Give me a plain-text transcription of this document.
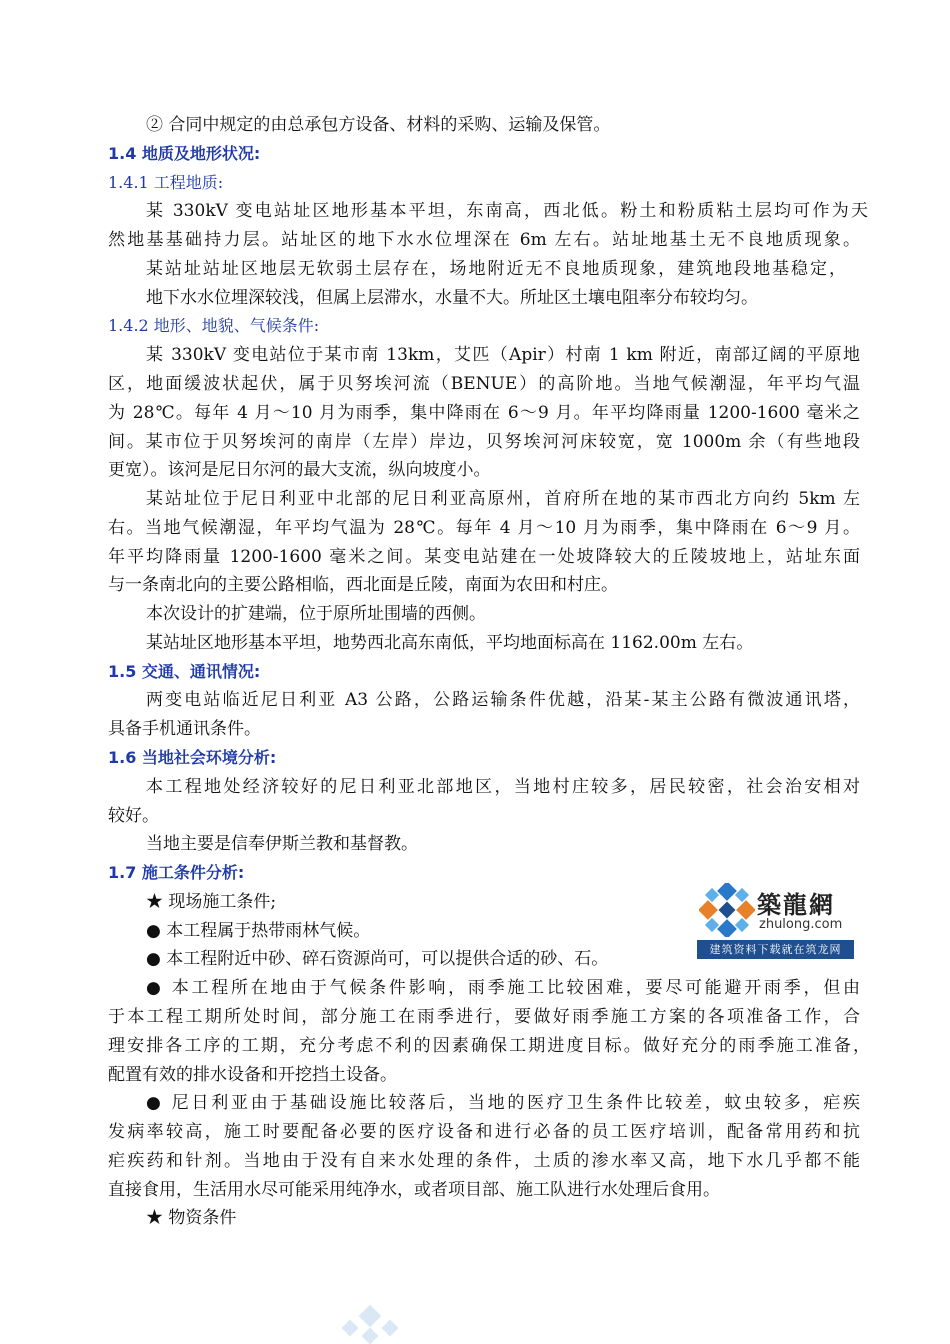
② 合同中规定的由总承包方设备、材料的采购、运输及保管。
1.4 地质及地形状况:
1.4.1 工程地质:
某 330kV 变电站址区地形基本平坦，东南高，西北低。粉土和粉质粘土层均可作为天
然地基基础持力层。站址区的地下水水位埋深在 6m 左右。站址地基土无不良地质现象。
某站址站址区地层无软弱土层存在，场地附近无不良地质现象，建筑地段地基稳定，
地下水水位埋深较浅，但属上层滞水，水量不大。所址区土壤电阻率分布较均匀。
1.4.2 地形、地貌、气候条件:
某 330kV 变电站位于某市南 13km，艾匹（Apir）村南 1 km 附近，南部辽阔的平原地
区，地面缓波状起伏，属于贝努埃河流（BENUE）的高阶地。当地气候潮湿，年平均气温
为 28℃。每年 4 月～10 月为雨季，集中降雨在 6～9 月。年平均降雨量 1200-1600 毫米之
间。某市位于贝努埃河的南岸（左岸）岸边，贝努埃河河床较宽，宽 1000m 余（有些地段
更宽）。该河是尼日尔河的最大支流，纵向坡度小。
某站址位于尼日利亚中北部的尼日利亚高原州，首府所在地的某市西北方向约 5km 左
右。当地气候潮湿，年平均气温为 28℃。每年 4 月～10 月为雨季，集中降雨在 6～9 月。
年平均降雨量 1200-1600 毫米之间。某变电站建在一处坡降较大的丘陵坡地上，站址东面
与一条南北向的主要公路相临，西北面是丘陵，南面为农田和村庄。
本次设计的扩建端，位于原所址围墙的西侧。
某站址区地形基本平坦，地势西北高东南低，平均地面标高在 1162.00m 左右。
1.5 交通、通讯情况:
两变电站临近尼日利亚 A3 公路，公路运输条件优越，沿某-某主公路有微波通讯塔，
具备手机通讯条件。
1.6 当地社会环境分析:
本工程地处经济较好的尼日利亚北部地区，当地村庄较多，居民较密，社会治安相对
较好。
当地主要是信奉伊斯兰教和基督教。
1.7 施工条件分析:
★ 现场施工条件;
● 本工程属于热带雨林气候。
● 本工程附近中砂、碎石资源尚可，可以提供合适的砂、石。
● 本工程所在地由于气候条件影响，雨季施工比较困难，要尽可能避开雨季，但由
于本工程工期所处时间，部分施工在雨季进行，要做好雨季施工方案的各项准备工作，合
理安排各工序的工期，充分考虑不利的因素确保工期进度目标。做好充分的雨季施工准备，
配置有效的排水设备和开挖挡土设备。
● 尼日利亚由于基础设施比较落后，当地的医疗卫生条件比较差，蚊虫较多，疟疾
发病率较高，施工时要配备必要的医疗设备和进行必备的员工医疗培训，配备常用药和抗
疟疾药和针剂。当地由于没有自来水处理的条件，土质的渗水率又高，地下水几乎都不能
直接食用，生活用水尽可能采用纯净水，或者项目部、施工队进行水处理后食用。
★ 物资条件
築龍網
zhulong.com
建筑资料下载就在筑龙网
